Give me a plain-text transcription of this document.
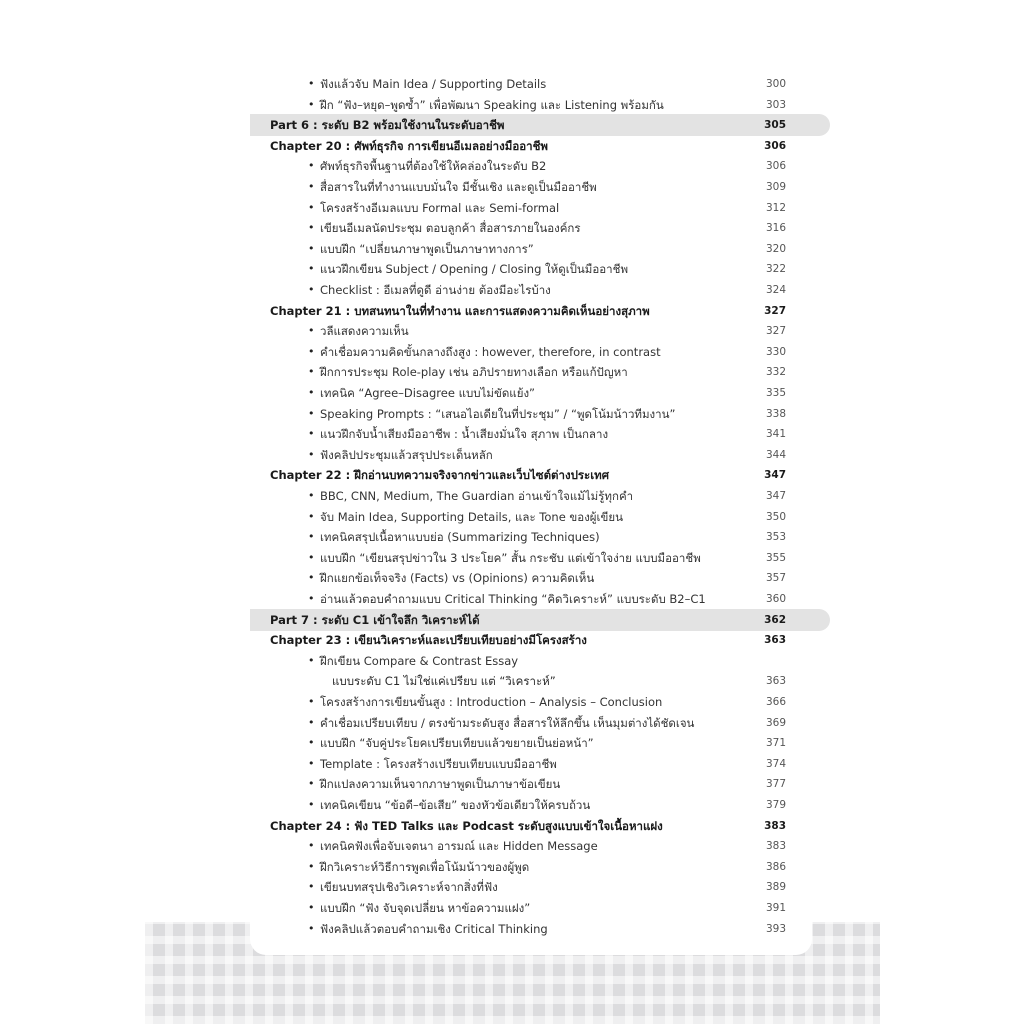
• ฟังแล้วจับ Main Idea / Supporting Details	300
• ฝึก “ฟัง–หยุด–พูดซ้ำ” เพื่อพัฒนา Speaking และ Listening พร้อมกัน	303
Part 6 : ระดับ B2 พร้อมใช้งานในระดับอาชีพ	305
Chapter 20 : ศัพท์ธุรกิจ การเขียนอีเมลอย่างมืออาชีพ	306
• ศัพท์ธุรกิจพื้นฐานที่ต้องใช้ให้คล่องในระดับ B2	306
• สื่อสารในที่ทำงานแบบมั่นใจ มีชั้นเชิง และดูเป็นมืออาชีพ	309
• โครงสร้างอีเมลแบบ Formal และ Semi-formal	312
• เขียนอีเมลนัดประชุม ตอบลูกค้า สื่อสารภายในองค์กร	316
• แบบฝึก “เปลี่ยนภาษาพูดเป็นภาษาทางการ”	320
• แนวฝึกเขียน Subject / Opening / Closing ให้ดูเป็นมืออาชีพ	322
• Checklist : อีเมลที่ดูดี อ่านง่าย ต้องมีอะไรบ้าง	324
Chapter 21 : บทสนทนาในที่ทำงาน และการแสดงความคิดเห็นอย่างสุภาพ	327
• วลีแสดงความเห็น	327
• คำเชื่อมความคิดขั้นกลางถึงสูง : however, therefore, in contrast	330
• ฝึกการประชุม Role-play เช่น อภิปรายทางเลือก หรือแก้ปัญหา	332
• เทคนิค “Agree–Disagree แบบไม่ขัดแย้ง”	335
• Speaking Prompts : “เสนอไอเดียในที่ประชุม” / “พูดโน้มน้าวทีมงาน”	338
• แนวฝึกจับน้ำเสียงมืออาชีพ : น้ำเสียงมั่นใจ สุภาพ เป็นกลาง	341
• ฟังคลิปประชุมแล้วสรุปประเด็นหลัก	344
Chapter 22 : ฝึกอ่านบทความจริงจากข่าวและเว็บไซต์ต่างประเทศ	347
• BBC, CNN, Medium, The Guardian อ่านเข้าใจแม้ไม่รู้ทุกคำ	347
• จับ Main Idea, Supporting Details, และ Tone ของผู้เขียน	350
• เทคนิคสรุปเนื้อหาแบบย่อ (Summarizing Techniques)	353
• แบบฝึก “เขียนสรุปข่าวใน 3 ประโยค” สั้น กระชับ แต่เข้าใจง่าย แบบมืออาชีพ	355
• ฝึกแยกข้อเท็จจริง (Facts) vs (Opinions) ความคิดเห็น	357
• อ่านแล้วตอบคำถามแบบ Critical Thinking “คิดวิเคราะห์” แบบระดับ B2–C1	360
Part 7 : ระดับ C1 เข้าใจลึก วิเคราะห์ได้	362
Chapter 23 : เขียนวิเคราะห์และเปรียบเทียบอย่างมีโครงสร้าง	363
• ฝึกเขียน Compare & Contrast Essay
แบบระดับ C1 ไม่ใช่แค่เปรียบ แต่ “วิเคราะห์”	363
• โครงสร้างการเขียนขั้นสูง : Introduction – Analysis – Conclusion	366
• คำเชื่อมเปรียบเทียบ / ตรงข้ามระดับสูง สื่อสารให้ลึกขึ้น เห็นมุมต่างได้ชัดเจน	369
• แบบฝึก “จับคู่ประโยคเปรียบเทียบแล้วขยายเป็นย่อหน้า”	371
• Template : โครงสร้างเปรียบเทียบแบบมืออาชีพ	374
• ฝึกแปลงความเห็นจากภาษาพูดเป็นภาษาข้อเขียน	377
• เทคนิคเขียน “ข้อดี–ข้อเสีย” ของหัวข้อเดียวให้ครบถ้วน	379
Chapter 24 : ฟัง TED Talks และ Podcast ระดับสูงแบบเข้าใจเนื้อหาแฝง	383
• เทคนิคฟังเพื่อจับเจตนา อารมณ์ และ Hidden Message	383
• ฝึกวิเคราะห์วิธีการพูดเพื่อโน้มน้าวของผู้พูด	386
• เขียนบทสรุปเชิงวิเคราะห์จากสิ่งที่ฟัง	389
• แบบฝึก “ฟัง จับจุดเปลี่ยน หาข้อความแฝง”	391
• ฟังคลิปแล้วตอบคำถามเชิง Critical Thinking	393
